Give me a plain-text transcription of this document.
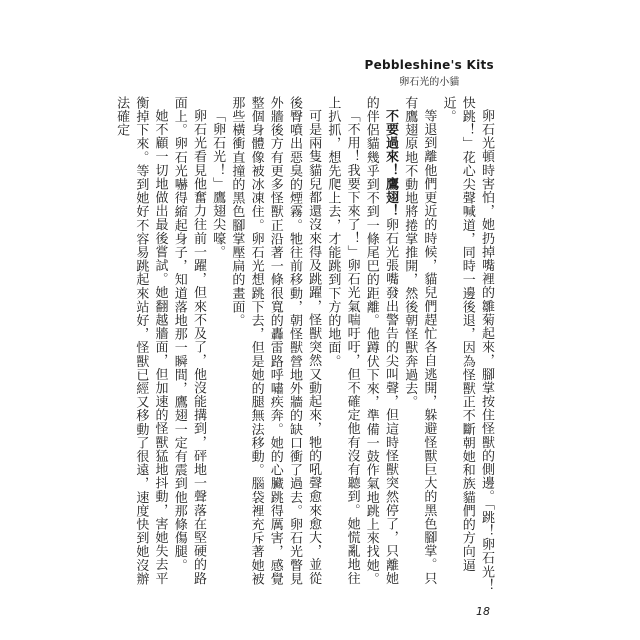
Pebbleshine's Kits
卵石光的小貓

卵石光頓時害怕，她扔掉嘴裡的雛菊起來，腳掌按住怪獸的側邊。「跳！卵石光！快跳！」花心尖聲喊道，同時一邊後退，因為怪獸正不斷朝她和族貓們的方向逼近。

等退到離他們更近的時候，貓兒們趕忙各自逃開，躲避怪獸巨大的黑色腳掌。只有鷹翅原地不動地將捲掌推開，然後朝怪獸奔過去。

不要過來！鷹翅！卵石光張嘴發出警告的尖叫聲，但這時怪獸突然停了，只離她的伴侶貓幾乎到不到一條尾巴的距離。他蹲伏下來，準備一鼓作氣地跳上來找她。

「不用！我要下來了！」卵石光氣喘吁吁，但不確定他有沒有聽到。她慌亂地往上扒抓，想先爬上去，才能跳到下方的地面。

可是兩隻貓兒都還沒來得及跳躍，怪獸突然又動起來，牠的吼聲愈來愈大，並從後臀噴出惡臭的煙霧。牠往前移動，朝怪獸營地外牆的缺口衝了過去。卵石光瞥見外牆後方有更多怪獸正沿著一條很寬的轟雷路呼嘯疾奔。她的心臟跳得厲害，感覺整個身體像被冰凍住。卵石光想跳下去，但是她的腿無法移動。腦袋裡充斥著她被那些橫衝直撞的黑色腳掌壓扁的畫面。

「卵石光！」鷹翅尖嚎。

卵石光看見他奮力往前一躍，但來不及了，他沒能搆到，砰地一聲落在堅硬的路面上。卵石光嚇得縮起身子，知道落地那一瞬間，鷹翅一定有震到他那條傷腿。

她不顧一切地做出最後嘗試。她翻越牆面，但加速的怪獸猛地抖動，害她失去平衡掉下來。等到她好不容易跳起來站好，怪獸已經又移動了很遠，速度快到她沒辦法確定

18
